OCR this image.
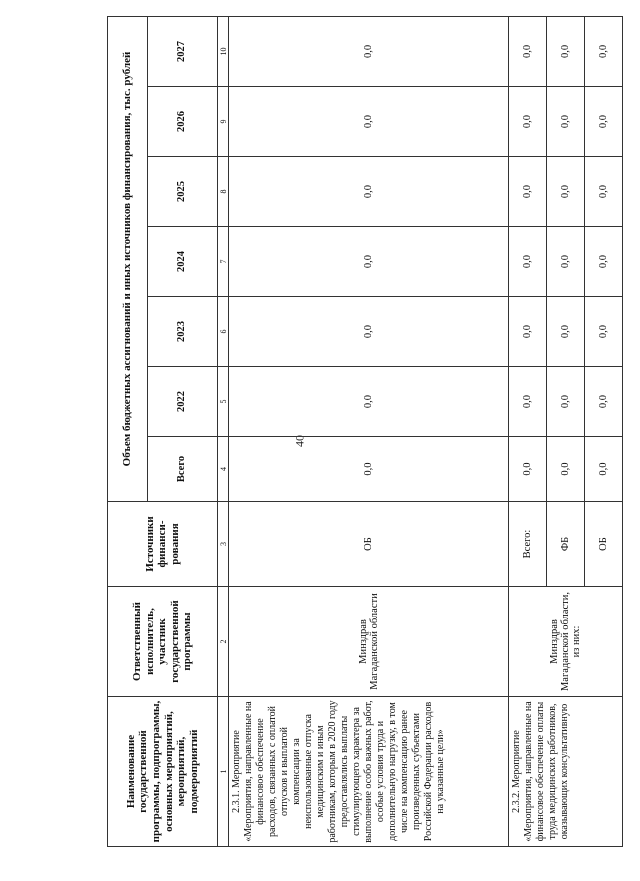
40
Наименование государственной программы, подпрограммы, основных мероприятий, мероприятий, подмероприятий	Ответственный исполнитель, участник государственной программы	Источники финанси-рования	Объем бюджетных ассигнований и иных источников финансирования, тыс. рублей						
			Всего	2022	2023	2024	2025	2026	2027
1	2	3	4	5	6	7	8	9	10
2.3.1. Мероприятие «Мероприятия, направленные на финансовое обеспечение расходов, связанных с оплатой отпусков и выплатой компенсации за неиспользованные отпуска медицинским и иным работникам, которым в 2020 году предоставлялись выплаты стимулирующего характера за выполнение особо важных работ, особые условия труда и дополнительную нагрузку, в том числе на компенсацию ранее произведенных субъектами Российской Федерации расходов на указанные цели»	Минздрав Магаданской области	ОБ	0,0	0,0	0,0	0,0	0,0	0,0	0,0
2.3.2. Мероприятие «Мероприятия, направленные на финансовое обеспечение оплаты труда медицинских работников, оказывающих консультативную	Минздрав Магаданской области, из них:	Всего:	0,0	0,0	0,0	0,0	0,0	0,0	0,0
		ФБ	0,0	0,0	0,0	0,0	0,0	0,0	0,0
		ОБ	0,0	0,0	0,0	0,0	0,0	0,0	0,0
